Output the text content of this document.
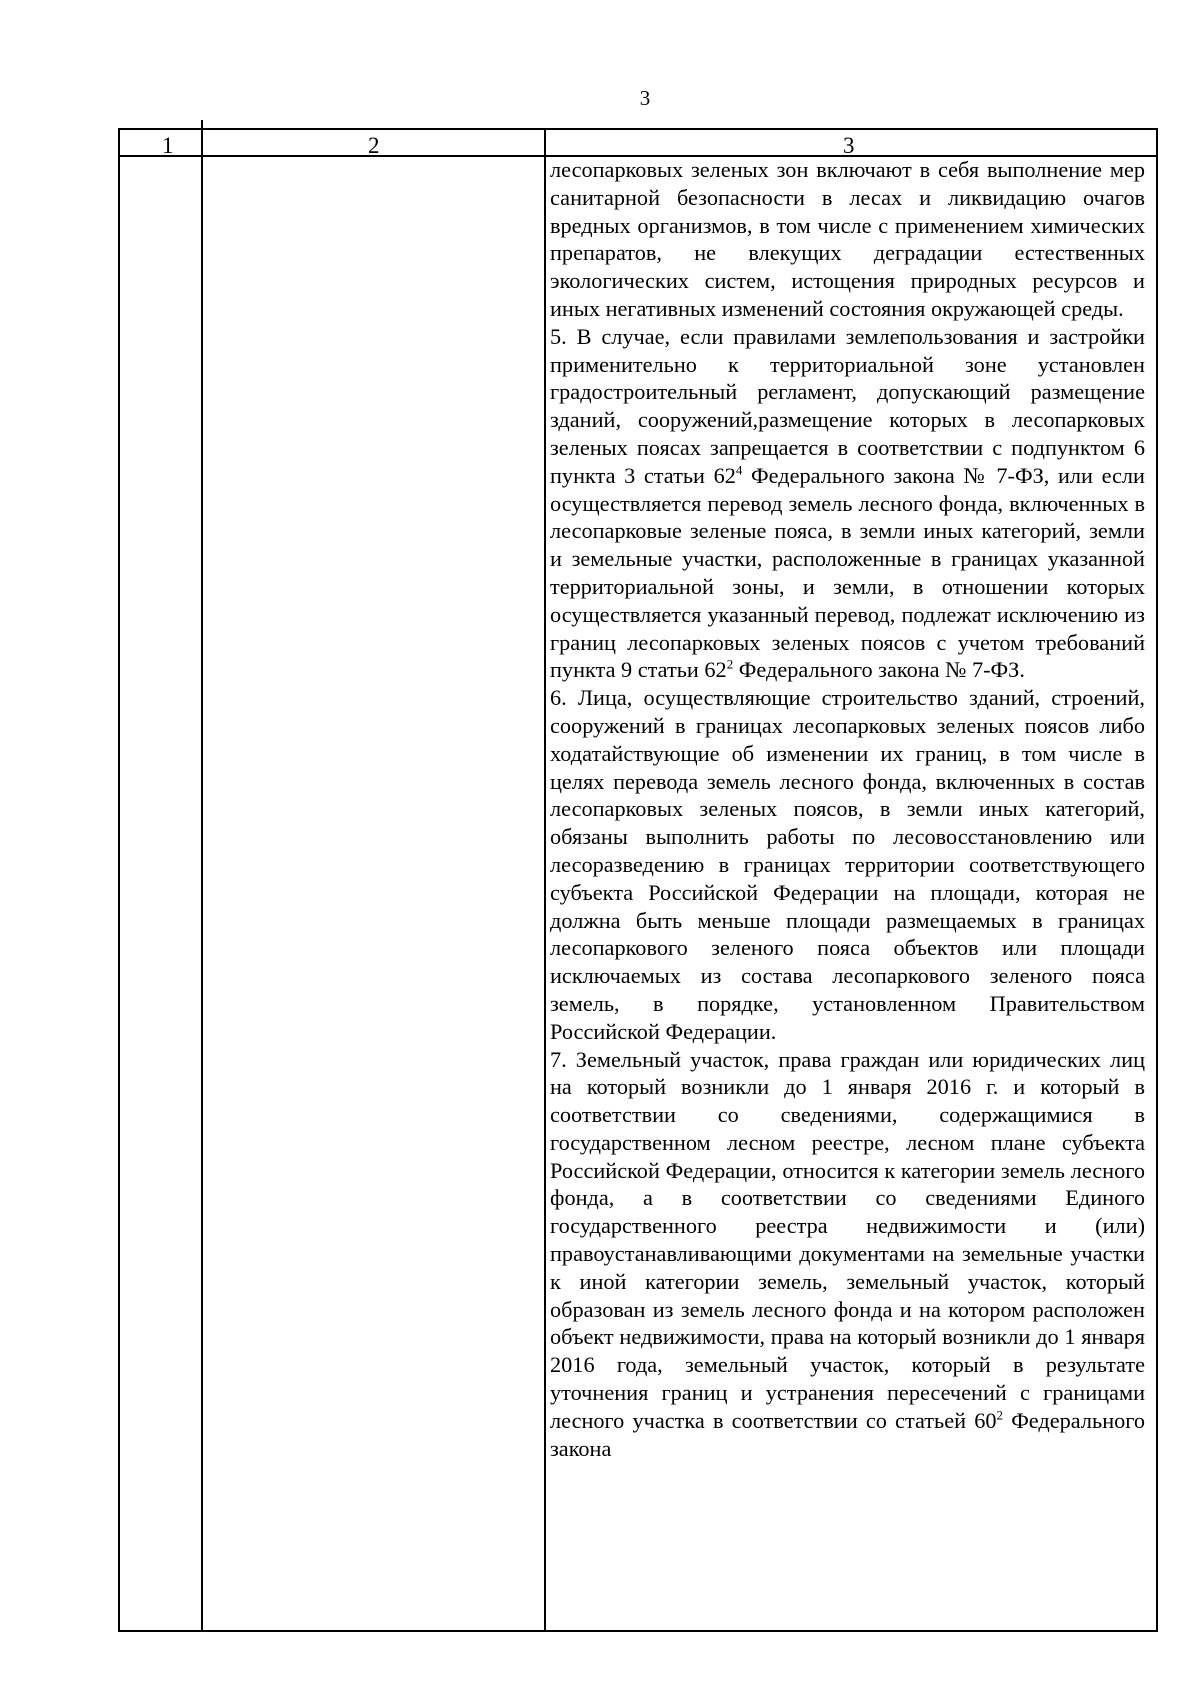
3
1	2	3

лесопарковых зеленых зон включают в себя выполнение мер санитарной безопасности в лесах и ликвидацию очагов вредных организмов, в том числе с применением химических препаратов, не влекущих деградации естественных экологических систем, истощения природных ресурсов и иных негативных изменений состояния окружающей среды.

5. В случае, если правилами землепользования и застройки применительно к территориальной зоне установлен градостроительный регламент, допускающий размещение зданий, сооружений,размещение которых в лесопарковых зеленых поясах запрещается в соответствии с подпунктом 6 пункта 3 статьи $62^4$ Федерального закона № 7-ФЗ, или если осуществляется перевод земель лесного фонда, включенных в лесопарковые зеленые пояса, в земли иных категорий, земли и земельные участки, расположенные в границах указанной территориальной зоны, и земли, в отношении которых осуществляется указанный перевод, подлежат исключению из границ лесопарковых зеленых поясов с учетом требований пункта 9 статьи $62^2$ Федерального закона № 7-ФЗ.

6. Лица, осуществляющие строительство зданий, строений, сооружений в границах лесопарковых зеленых поясов либо ходатайствующие об изменении их границ, в том числе в целях перевода земель лесного фонда, включенных в состав лесопарковых зеленых поясов, в земли иных категорий, обязаны выполнить работы по лесовосстановлению или лесоразведению в границах территории соответствующего субъекта Российской Федерации на площади, которая не должна быть меньше площади размещаемых в границах лесопаркового зеленого пояса объектов или площади исключаемых из состава лесопаркового зеленого пояса земель, в порядке, установленном Правительством Российской Федерации.

7. Земельный участок, права граждан или юридических лиц на который возникли до 1 января 2016 г. и который в соответствии со сведениями, содержащимися в государственном лесном реестре, лесном плане субъекта Российской Федерации, относится к категории земель лесного фонда, а в соответствии со сведениями Единого государственного реестра недвижимости и (или) правоустанавливающими документами на земельные участки к иной категории земель, земельный участок, который образован из земель лесного фонда и на котором расположен объект недвижимости, права на который возникли до 1 января 2016 года, земельный участок, который в результате уточнения границ и устранения пересечений с границами лесного участка в соответствии со статьей $60^2$ Федерального закона
